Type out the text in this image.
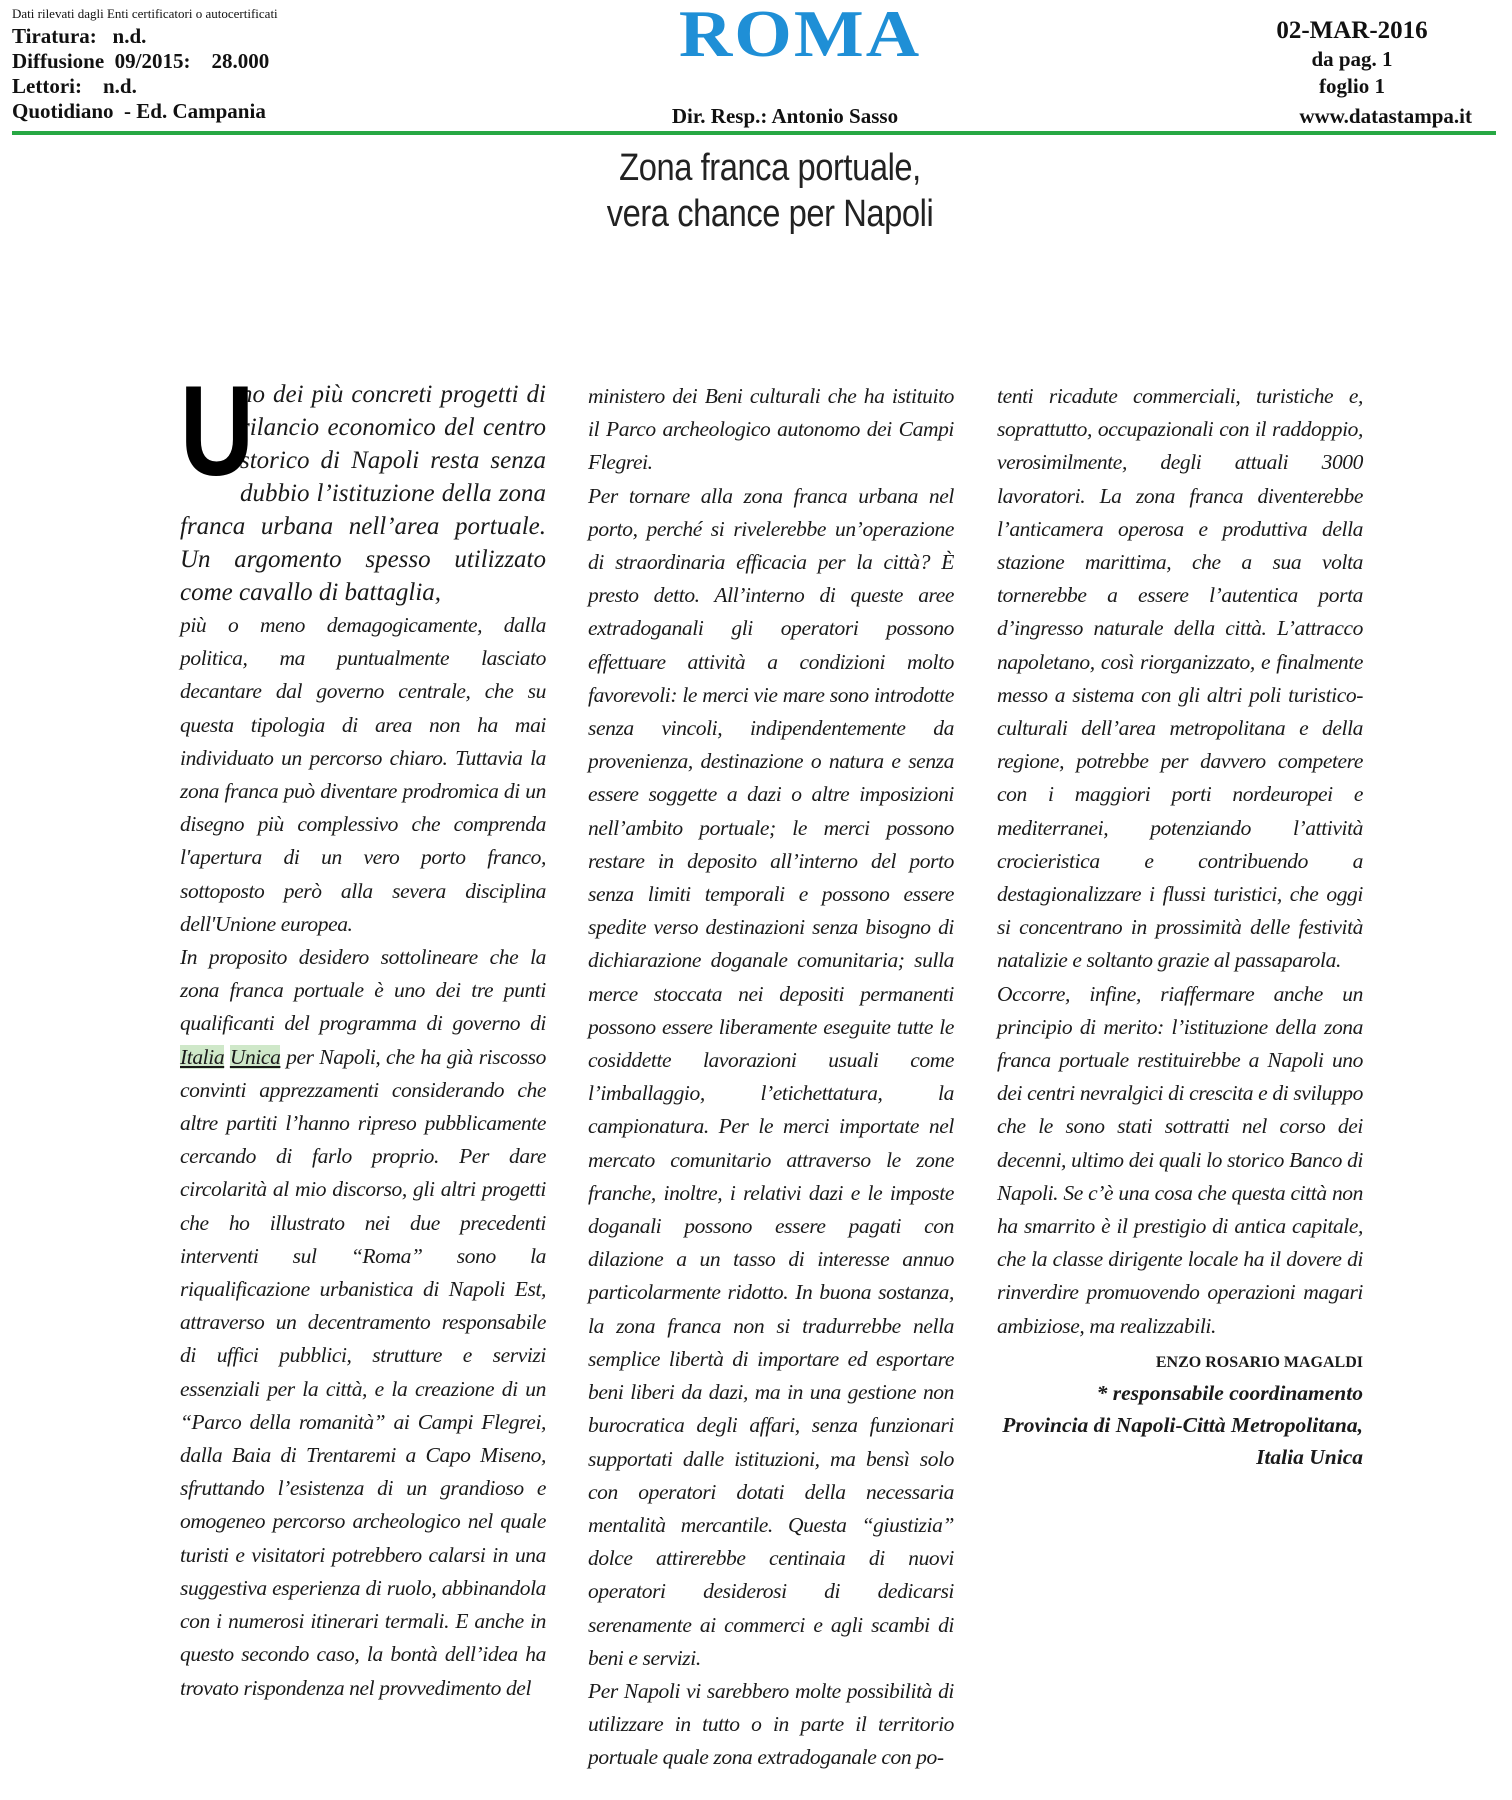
Dati rilevati dagli Enti certificatori o autocertificati
Tiratura:   n.d.
Diffusione  09/2015:    28.000
Lettori:    n.d.
Quotidiano  - Ed. Campania
ROMA
Dir. Resp.: Antonio Sasso
02-MAR-2016
da pag. 1
foglio 1
www.datastampa.it
Zona franca portuale,
vera chance per Napoli

U
no dei più concreti progetti di rilancio economico del centro storico di Napoli resta senza dubbio l’istituzione della zona franca urbana nell’area portuale. Un argomento spesso utilizzato come cavallo di battaglia,

più o meno demagogicamente, dalla politica, ma puntualmente lasciato decantare dal governo centrale, che su questa tipologia di area non ha mai individuato un percorso chiaro. Tuttavia la zona franca può diventare prodromica di un disegno più complessivo che comprenda l'apertura di un vero porto franco, sottoposto però alla severa disciplina dell'Unione europea.

In proposito desidero sottolineare che la zona franca portuale è uno dei tre punti qualificanti del programma di governo di Italia Unica per Napoli, che ha già riscosso convinti apprezzamenti considerando che altre partiti l’hanno ripreso pubblicamente cercando di farlo proprio. Per dare circolarità al mio discorso, gli altri progetti che ho illustrato nei due precedenti interventi sul “Roma” sono la riqualificazione urbanistica di Napoli Est, attraverso un decentramento responsabile di uffici pubblici, strutture e servizi essenziali per la città, e la creazione di un “Parco della romanità” ai Campi Flegrei, dalla Baia di Trentaremi a Capo Miseno, sfruttando l’esistenza di un grandioso e omogeneo percorso archeologico nel quale turisti e visitatori potrebbero calarsi in una suggestiva esperienza di ruolo, abbinandola con i numerosi itinerari termali. E anche in questo secondo caso, la bontà dell’idea ha trovato rispondenza nel provvedimento del

ministero dei Beni culturali che ha istituito il Parco archeologico autonomo dei Campi Flegrei.

Per tornare alla zona franca urbana nel porto, perché si rivelerebbe un’operazione di straordinaria efficacia per la città? È presto detto. All’interno di queste aree extradoganali gli operatori possono effettuare attività a condizioni molto favorevoli: le merci vie mare sono introdotte senza vincoli, indipendentemente da provenienza, destinazione o natura e senza essere soggette a dazi o altre imposizioni nell’ambito portuale; le merci possono restare in deposito all’interno del porto senza limiti temporali e possono essere spedite verso destinazioni senza bisogno di dichiarazione doganale comunitaria; sulla merce stoccata nei depositi permanenti possono essere liberamente eseguite tutte le cosiddette lavorazioni usuali come l’imballaggio, l’etichettatura, la campionatura. Per le merci importate nel mercato comunitario attraverso le zone franche, inoltre, i relativi dazi e le imposte doganali possono essere pagati con dilazione a un tasso di interesse annuo particolarmente ridotto. In buona sostanza, la zona franca non si tradurrebbe nella semplice libertà di importare ed esportare beni liberi da dazi, ma in una gestione non burocratica degli affari, senza funzionari supportati dalle istituzioni, ma bensì solo con operatori dotati della necessaria mentalità mercantile. Questa “giustizia” dolce attirerebbe centinaia di nuovi operatori desiderosi di dedicarsi serenamente ai commerci e agli scambi di beni e servizi.

Per Napoli vi sarebbero molte possibilità di utilizzare in tutto o in parte il territorio portuale quale zona extradoganale con po-

tenti ricadute commerciali, turistiche e, soprattutto, occupazionali con il raddoppio, verosimilmente, degli attuali 3000 lavoratori. La zona franca diventerebbe l’anticamera operosa e produttiva della stazione marittima, che a sua volta tornerebbe a essere l’autentica porta d’ingresso naturale della città. L’attracco napoletano, così riorganizzato, e finalmente messo a sistema con gli altri poli turistico-culturali dell’area metropolitana e della regione, potrebbe per davvero competere con i maggiori porti nordeuropei e mediterranei, potenziando l’attività crocieristica e contribuendo a destagionalizzare i flussi turistici, che oggi si concentrano in prossimità delle festività natalizie e soltanto grazie al passaparola.

Occorre, infine, riaffermare anche un principio di merito: l’istituzione della zona franca portuale restituirebbe a Napoli uno dei centri nevralgici di crescita e di sviluppo che le sono stati sottratti nel corso dei decenni, ultimo dei quali lo storico Banco di Napoli. Se c’è una cosa che questa città non ha smarrito è il prestigio di antica capitale, che la classe dirigente locale ha il dovere di rinverdire promuovendo operazioni magari ambiziose, ma realizzabili.

ENZO ROSARIO MAGALDI

* responsabile coordinamento

Provincia di Napoli-Città Metropolitana,

Italia Unica
